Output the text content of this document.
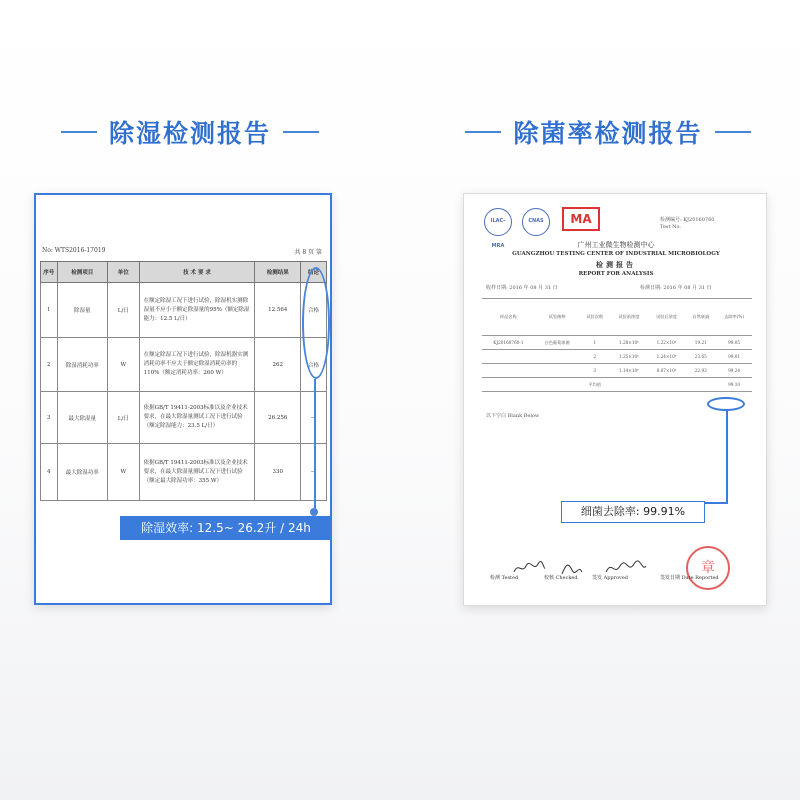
除湿检测报告	除菌率检测报告
No: WTS2016-17019	共 8 页 第
序号	检测项目	单位	技 术 要 求	检测结果	结论
1	除湿量	L/日	在额定除湿工况下进行试验，除湿机实测除湿量不应小于额定除湿量的95%（额定除湿能力：12.5 L/日）	12.564	合格
2	除湿消耗功率	W	在额定除湿工况下进行试验，除湿机器实测消耗功率不应大于额定除湿消耗功率的110%（额定消耗功率：260 W）	262	合格
3	最大除湿量	L/日	依据GB/T 19411-2003标准以及企业技术要求，在最大除湿量测试工况下进行试验（额定除湿能力：23.5 L/日）	26.256	—
4	最大除湿功率	W	依据GB/T 19411-2003标准以及企业技术要求，在最大除湿量测试工况下进行试验（额定最大除湿功率：355 W）	330	—
除湿效率: 12.5~ 26.2升 / 24h
ILAC-MRA
CNAS	MA	检测编号: KJ20160760
Test No.
广州工业微生物检测中心
GUANGZHOU TESTING CENTER OF INDUSTRIAL MICROBIOLOGY
检测报告
REPORT FOR ANALYSIS
收样日期: 2016 年 08 月 31 日	检测日期: 2016 年 08 月 31 日
样品名称	试验菌种	试验次数	试验前浓度	试验后浓度	自然衰减	去除率(%)
KJ20160760-1	白色葡萄球菌	1	1.28×10⁶	1.22×10⁴	19.21	99.05
		2	1.25×10⁶	1.24×10⁴	23.65	99.01
		3	1.14×10⁶	8.67×10³	22.93	99.24
		平均值				99.10
以下空白 Blank Below
细菌去除率: 99.91%
章
检测 Tested	校核 Checked	签发 Approved	签发日期 Date Reported
